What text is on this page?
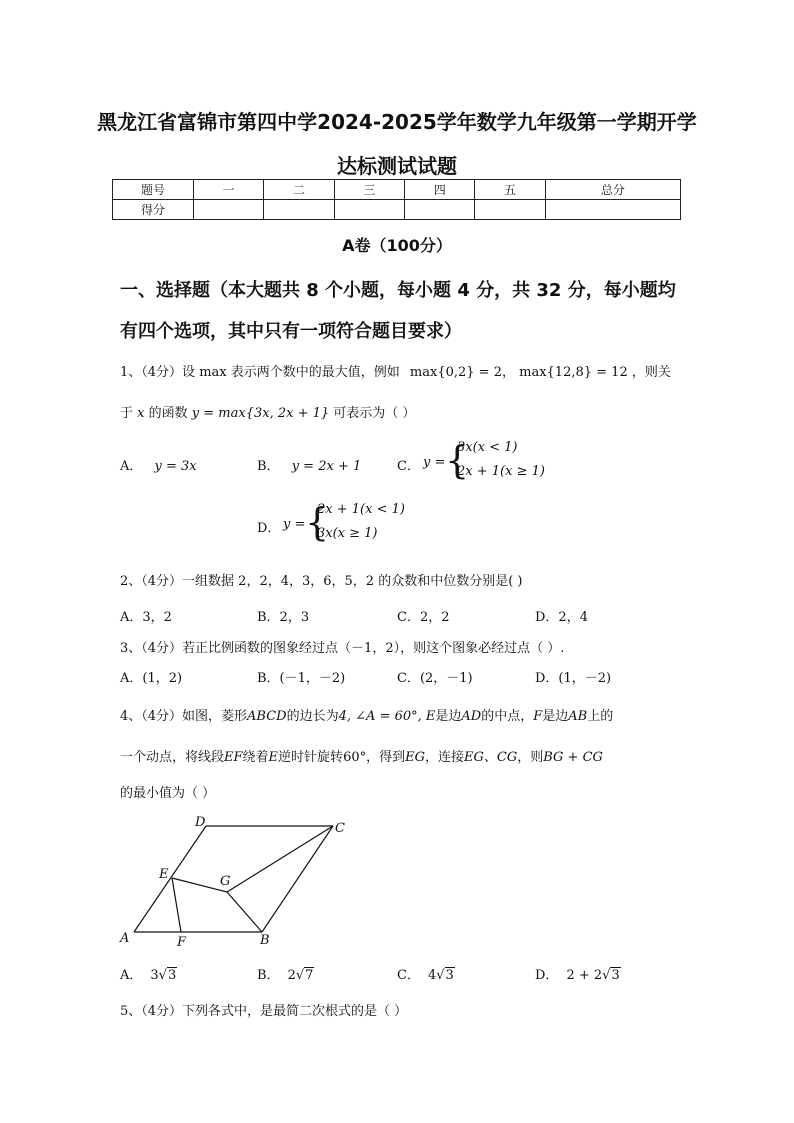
黑龙江省富锦市第四中学2024-2025学年数学九年级第一学期开学
达标测试试题
题号	一	二	三	四	五	总分
得分						
A卷（100分）
一、选择题（本大题共 8 个小题，每小题 4 分，共 32 分，每小题均
有四个选项，其中只有一项符合题目要求）
1、（4分）设 max 表示两个数中的最大值，例如 max{0,2} = 2， max{12,8} = 12 ，则关
于 x 的函数 y = max{3x, 2x + 1} 可表示为（ ）
A． y = 3x	B． y = 2x + 1	C． y = {
3x(x < 1)
2x + 1(x ≥ 1)
D． y = {
2x + 1(x < 1)
3x(x ≥ 1)
2、（4分）一组数据 2，2，4，3，6，5，2 的众数和中位数分别是( )
A．3，2	B．2，3	C．2，2	D．2，4
3、（4分）若正比例函数的图象经过点（－1，2），则这个图象必经过点（ ）.
A．(1，2)	B．(－1，－2)	C．(2，－1)	D．(1，－2)
4、（4分）如图，菱形ABCD的边长为4, ∠A = 60°, E是边AD的中点，F是边AB上的
一个动点，将线段EF绕着E逆时针旋转60°，得到EG，连接EG、CG，则BG + CG
的最小值为（ ）
A	B
C
D
E
F
G
A． 3√3	B． 2√7	C． 4√3	D． 2 + 2√3
5、（4分）下列各式中，是最简二次根式的是（ ）
